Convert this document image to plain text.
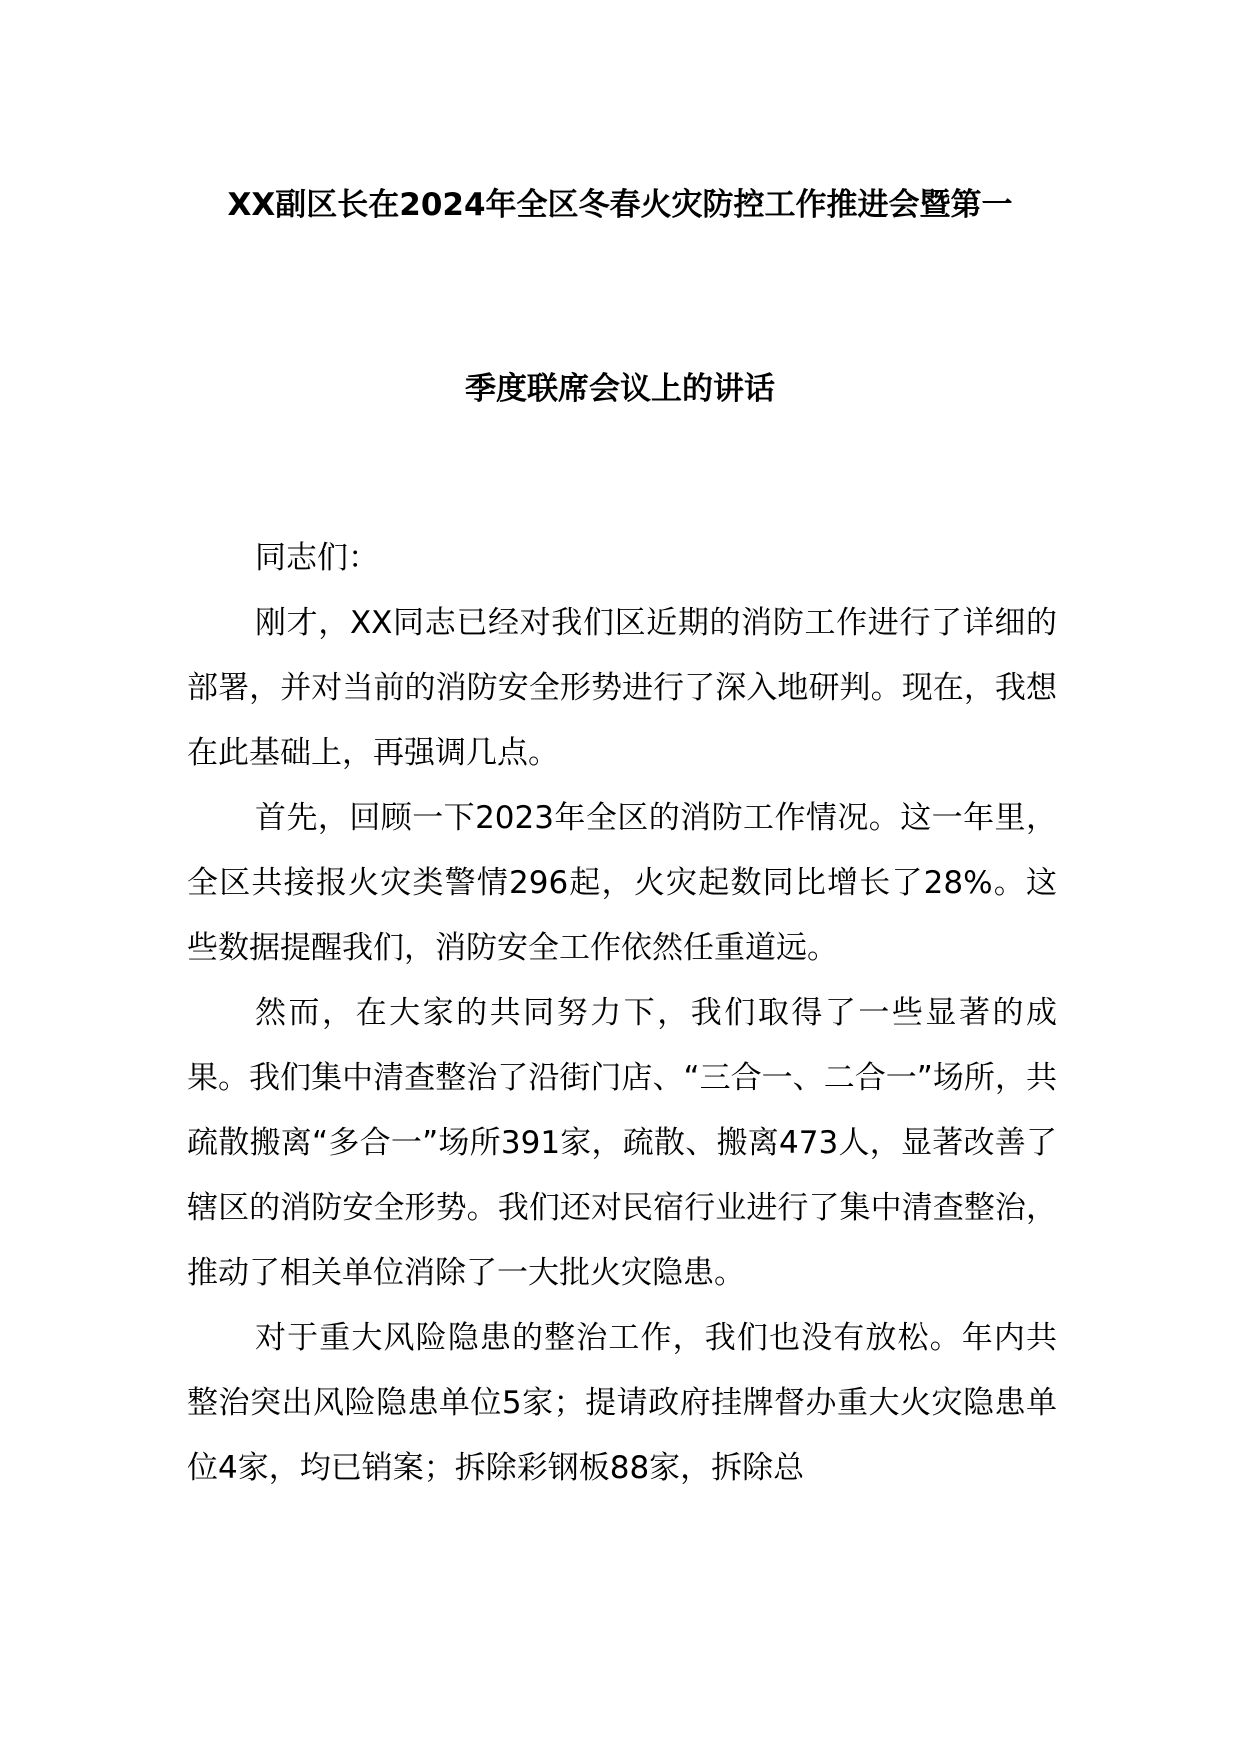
XX副区长在2024年全区冬春火灾防控工作推进会暨第一
季度联席会议上的讲话

同志们：

刚才，XX同志已经对我们区近期的消防工作进行了详细的部署，并对当前的消防安全形势进行了深入地研判。现在，我想在此基础上，再强调几点。

首先，回顾一下2023年全区的消防工作情况。这一年里，全区共接报火灾类警情296起，火灾起数同比增长了28%。这些数据提醒我们，消防安全工作依然任重道远。

然而，在大家的共同努力下，我们取得了一些显著的成果。我们集中清查整治了沿街门店、“三合一、二合一”场所，共疏散搬离“多合一”场所391家，疏散、搬离473人，显著改善了辖区的消防安全形势。我们还对民宿行业进行了集中清查整治，推动了相关单位消除了一大批火灾隐患。

对于重大风险隐患的整治工作，我们也没有放松。年内共整治突出风险隐患单位5家；提请政府挂牌督办重大火灾隐患单位4家，均已销案；拆除彩钢板88家，拆除总
